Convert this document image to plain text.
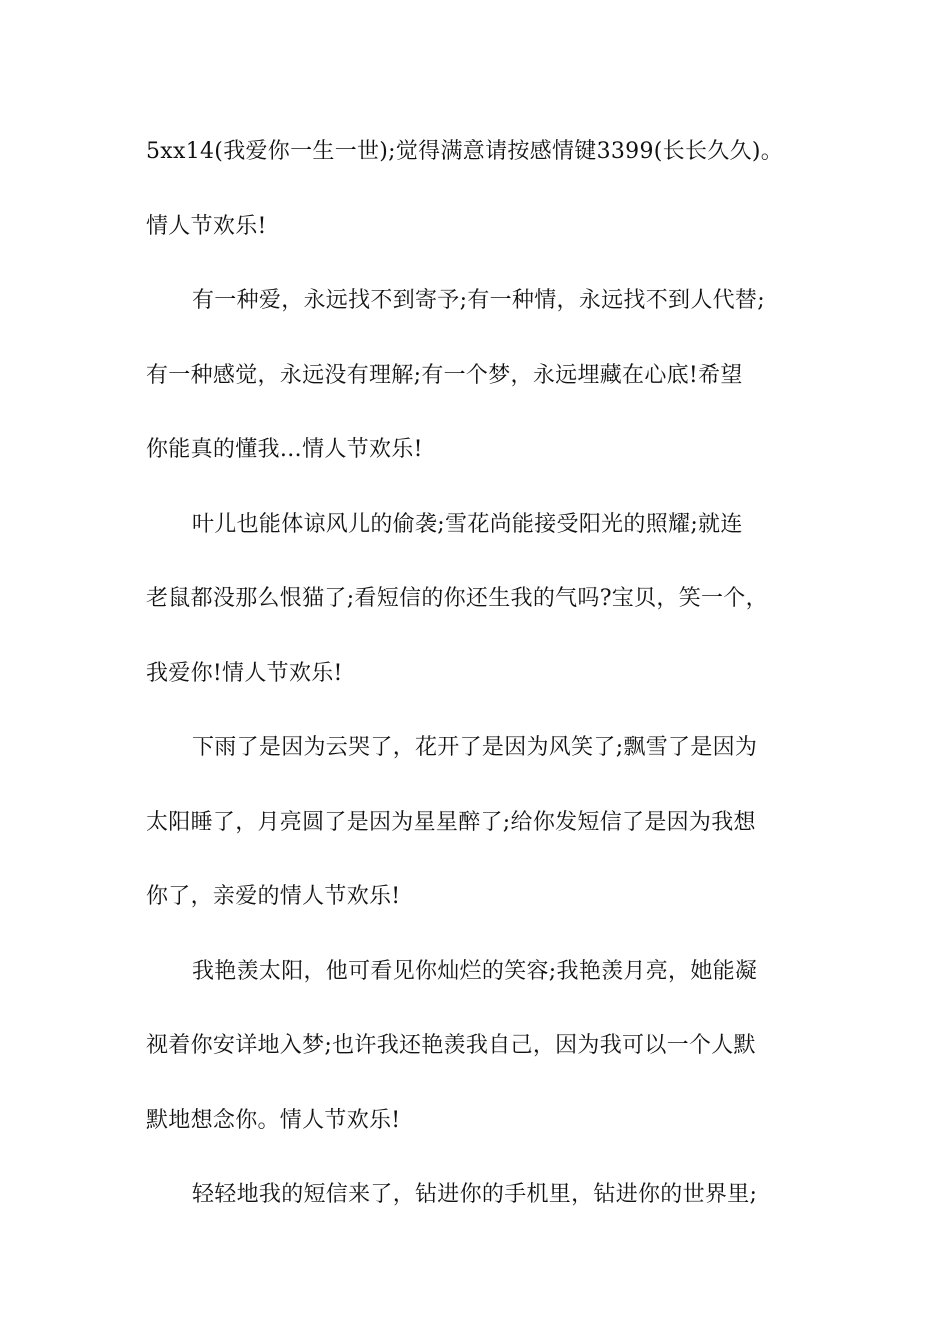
5xx14(我爱你一生一世);觉得满意请按感情键3399(长长久久)。
情人节欢乐!
有一种爱，永远找不到寄予;有一种情，永远找不到人代替;
有一种感觉，永远没有理解;有一个梦，永远埋藏在心底!希望
你能真的懂我…情人节欢乐!
叶儿也能体谅风儿的偷袭;雪花尚能接受阳光的照耀;就连
老鼠都没那么恨猫了;看短信的你还生我的气吗?宝贝，笑一个，
我爱你!情人节欢乐!
下雨了是因为云哭了，花开了是因为风笑了;飘雪了是因为
太阳睡了，月亮圆了是因为星星醉了;给你发短信了是因为我想
你了，亲爱的情人节欢乐!
我艳羡太阳，他可看见你灿烂的笑容;我艳羡月亮，她能凝
视着你安详地入梦;也许我还艳羡我自己，因为我可以一个人默
默地想念你。情人节欢乐!
轻轻地我的短信来了，钻进你的手机里，钻进你的世界里;
